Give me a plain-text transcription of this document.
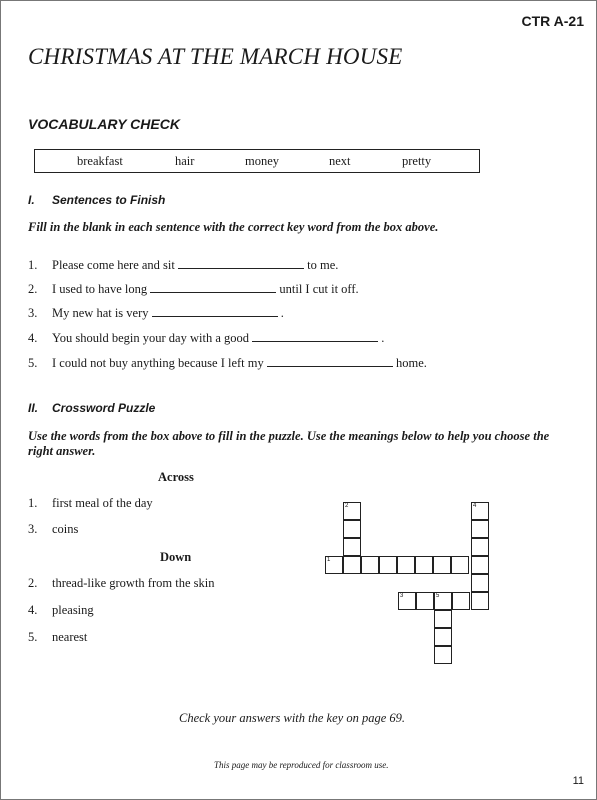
CTR A-21
CHRISTMAS AT THE MARCH HOUSE
VOCABULARY CHECK
breakfast	hair	money	next	pretty
I. Sentences to Finish
Fill in the blank in each sentence with the correct key word from the box above.
1. Please come here and sit	to me.
2. I used to have long	until I cut it off.
3. My new hat is very	.
4. You should begin your day with a good	.
5. I could not buy anything because I left my	home.
II. Crossword Puzzle
Use the words from the box above to fill in the puzzle. Use the meanings below to help you choose the
right answer.
Across
1. first meal of the day
3. coins
Down
2. thread-like growth from the skin
4. pleasing
5. nearest
2	4
1
3	5
Check your answers with the key on page 69.
This page may be reproduced for classroom use.
11
